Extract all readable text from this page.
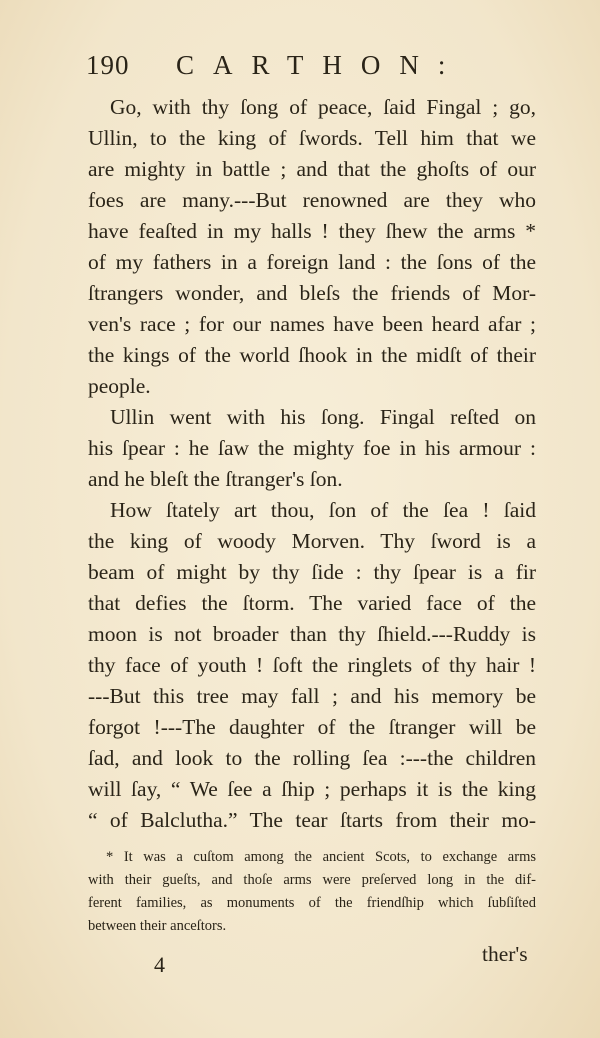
190 CARTHON:
Go, with thy ſong of peace, ſaid Fingal ; go,
Ullin, to the king of ſwords. Tell him that we
are mighty in battle ; and that the ghoſts of our
foes are many.---But renowned are they who
have feaſted in my halls ! they ſhew the arms *
of my fathers in a foreign land : the ſons of the
ſtrangers wonder, and bleſs the friends of Mor-
ven's race ; for our names have been heard afar ;
the kings of the world ſhook in the midſt of their
people.
Ullin went with his ſong. Fingal reſted on
his ſpear : he ſaw the mighty foe in his armour :
and he bleſt the ſtranger's ſon.
How ſtately art thou, ſon of the ſea ! ſaid
the king of woody Morven. Thy ſword is a
beam of might by thy ſide : thy ſpear is a fir
that defies the ſtorm. The varied face of the
moon is not broader than thy ſhield.---Ruddy is
thy face of youth ! ſoft the ringlets of thy hair !
---But this tree may fall ; and his memory be
forgot !---The daughter of the ſtranger will be
ſad, and look to the rolling ſea :---the children
will ſay, “ We ſee a ſhip ; perhaps it is the king
“ of Balclutha.” The tear ſtarts from their mo-
* It was a cuſtom among the ancient Scots, to exchange arms
with their gueſts, and thoſe arms were preſerved long in the dif-
ferent families, as monuments of the friendſhip which ſubſiſted
between their anceſtors.
4	ther's
